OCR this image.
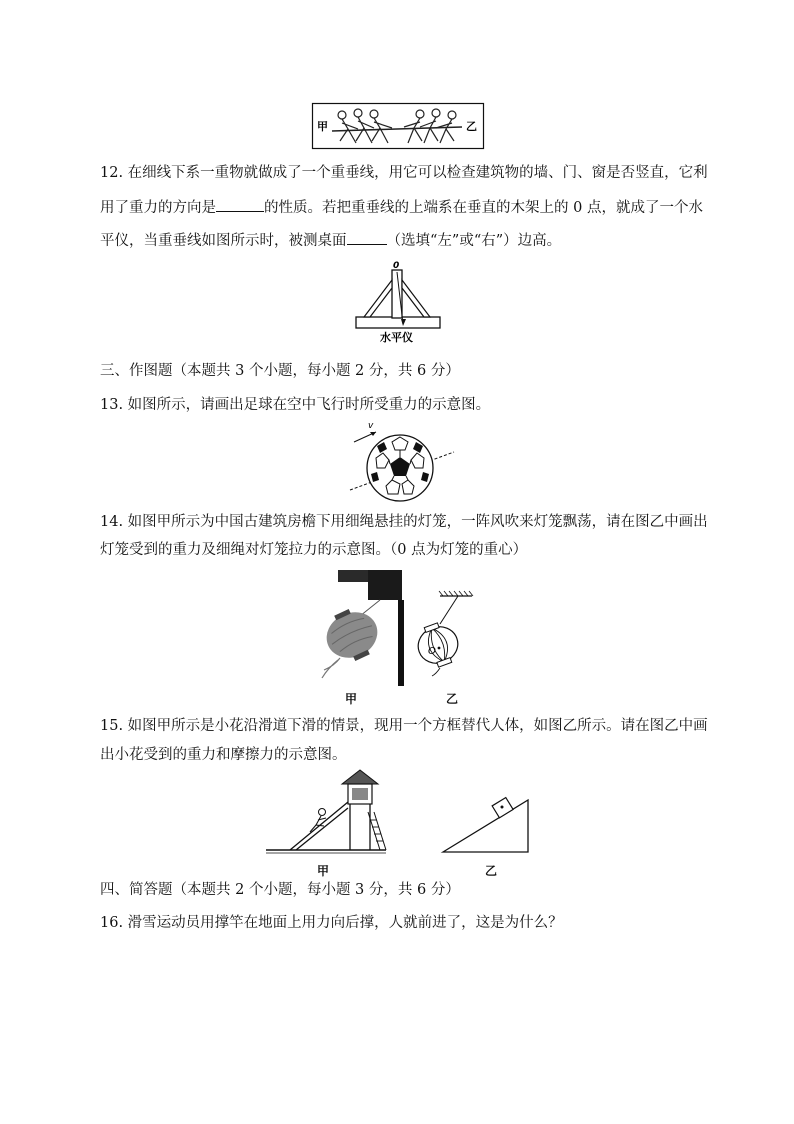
甲	乙
12. 在细线下系一重物就做成了一个重垂线，用它可以检查建筑物的墙、门、窗是否竖直，它利
用了重力的方向是	的性质。若把重垂线的上端系在垂直的木架上的 0 点，就成了一个水
平仪，当重垂线如图所示时，被测桌面	（选填“左”或“右”）边高。
0
水平仪
三、作图题（本题共 3 个小题，每小题 2 分，共 6 分）
13. 如图所示，请画出足球在空中飞行时所受重力的示意图。
v
14. 如图甲所示为中国古建筑房檐下用细绳悬挂的灯笼，一阵风吹来灯笼飘荡，请在图乙中画出
灯笼受到的重力及细绳对灯笼拉力的示意图。（0 点为灯笼的重心）
甲
O
乙
15. 如图甲所示是小花沿滑道下滑的情景，现用一个方框替代人体，如图乙所示。请在图乙中画
出小花受到的重力和摩擦力的示意图。
甲	乙
四、简答题（本题共 2 个小题，每小题 3 分，共 6 分）
16. 滑雪运动员用撑竿在地面上用力向后撑，人就前进了，这是为什么？
